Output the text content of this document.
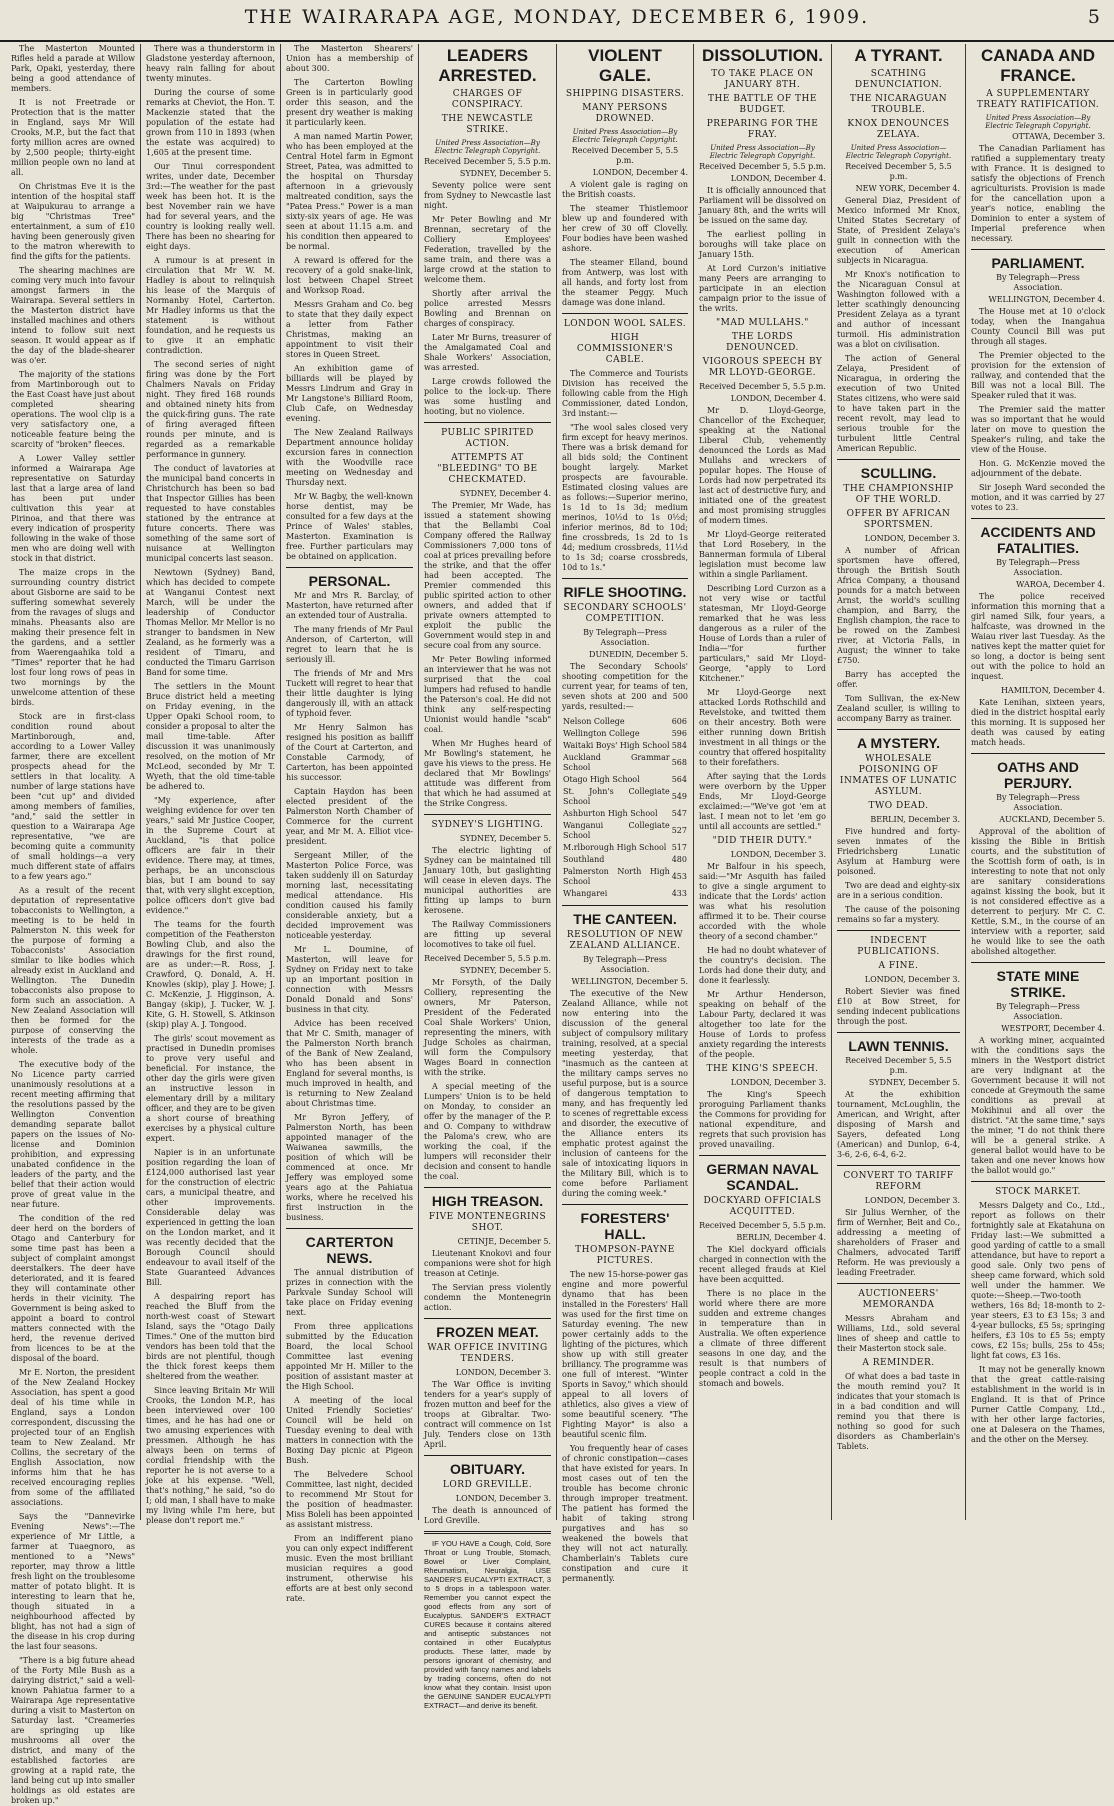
THE WAIRARAPA AGE, MONDAY, DECEMBER 6, 1909.	5

The Masterton Mounted Rifles held a parade at Willow Park, Opaki, yesterday, there being a good attendance of members.

It is not Freetrade or Protection that is the matter in England, says Mr Will Crooks, M.P., but the fact that forty million acres are owned by 2,500 people; thirty-eight million people own no land at all.

On Christmas Eve it is the intention of the hospital staff at Waipukurau to arrange a big "Christmas Tree" entertainment, a sum of £10 having been generously given to the matron wherewith to find the gifts for the patients.

The shearing machines are coming very much into favour amongst farmers in the Wairarapa. Several settlers in the Masterton district have installed machines and others intend to follow suit next season. It would appear as if the day of the blade-shearer was o'er.

The majority of the stations from Martinborough out to the East Coast have just about completed shearing operations. The wool clip is a very satisfactory one, a noticeable feature being the scarcity of "broken" fleeces.

A Lower Valley settler informed a Wairarapa Age representative on Saturday last that a large area of land has been put under cultivation this year at Pirinoa, and that there was every indication of prosperity following in the wake of those men who are doing well with stock in that district.

The maize crops in the surrounding country district about Gisborne are said to be suffering somewhat severely from the ravages of slugs and minahs. Pheasants also are making their presence felt in the gardens, and a settler from Waerengaahika told a "Times" reporter that he had lost four long rows of peas in two mornings by the unwelcome attention of these birds.

Stock are in first-class condition round about Martinborough, and, according to a Lower Valley farmer, there are excellent prospects ahead for the settlers in that locality. A number of large stations have been "cut up" and divided among members of families, "and," said the settler in question to a Wairarapa Age representative, "we are becoming quite a community of small holdings—a very much different state of affairs to a few years ago."

As a result of the recent deputation of representative tobacconists to Wellington, a meeting is to be held in Palmerston N. this week for the purpose of forming a Tobacconists' Association similar to like bodies which already exist in Auckland and Wellington. The Dunedin tobacconists also propose to form such an association. A New Zealand Association will then be formed for the purpose of conserving the interests of the trade as a whole.

The executive body of the No Licence party carried unanimously resolutions at a recent meeting affirming that the resolutions passed by the Wellington Convention demanding separate ballot papers on the issues of No-license and Dominion prohibition, and expressing unabated confidence in the leaders of the party, and the belief that their action would prove of great value in the near future.

The condition of the red deer herd on the borders of Otago and Canterbury for some time past has been a subject of complaint amongst deerstalkers. The deer have deteriorated, and it is feared they will contaminate other herds in their vicinity. The Government is being asked to appoint a board to control matters connected with the herd, the revenue derived from licences to be at the disposal of the board.

Mr E. Norton, the president of the New Zealand Hockey Association, has spent a good deal of his time while in England, says a London correspondent, discussing the projected tour of an English team to New Zealand. Mr Collins, the secretary of the English Association, now informs him that he has received encouraging replies from some of the affiliated associations.

Says the "Dannevirke Evening News":—The experience of Mr Little, a farmer at Tuaegnoro, as mentioned to a "News" reporter, may throw a little fresh light on the troublesome matter of potato blight. It is interesting to learn that he, though situated in a neighbourhood affected by blight, has not had a sign of the disease in his crop during the last four seasons.

"There is a big future ahead of the Forty Mile Bush as a dairying district," said a well-known Pahiatua farmer to a Wairarapa Age representative during a visit to Masterton on Saturday last. "Creameries are springing up like mushrooms all over the district, and many of the established factories are growing at a rapid rate, the land being cut up into smaller holdings as old estates are broken up."

There was a thunderstorm in Gladstone yesterday afternoon, heavy rain falling for about twenty minutes.

During the course of some remarks at Cheviot, the Hon. T. Mackenzie stated that the population of the estate had grown from 110 in 1893 (when the estate was acquired) to 1,605 at the present time.

Our Tinui correspondent writes, under date, December 3rd:—The weather for the past week has been hot. It is the best November rain we have had for several years, and the country is looking really well. There has been no shearing for eight days.

A rumour is at present in circulation that Mr W. M. Hadley is about to relinquish his lease of the Marquis of Normanby Hotel, Carterton. Mr Hadley informs us that the statement is without foundation, and he requests us to give it an emphatic contradiction.

The second series of night firing was done by the Fort Chalmers Navals on Friday night. They fired 168 rounds and obtained ninety hits from the quick-firing guns. The rate of firing averaged fifteen rounds per minute, and is regarded as a remarkable performance in gunnery.

The conduct of lavatories at the municipal band concerts in Christchurch has been so bad that Inspector Gillies has been requested to have constables stationed by the entrance at future concerts. There was something of the same sort of nuisance at Wellington municipal concerts last season.

Newtown (Sydney) Band, which has decided to compete at Wanganui Contest next March, will be under the leadership of Conductor Thomas Mellor. Mr Mellor is no stranger to bandsmen in New Zealand, as he formerly was a resident of Timaru, and conducted the Timaru Garrison Band for some time.

The settlers in the Mount Bruce district held a meeting on Friday evening, in the Upper Opaki School room, to consider a proposal to alter the mail time-table. After discussion it was unanimously resolved, on the motion of Mr McLeod, seconded by Mr T. Wyeth, that the old time-table be adhered to.

"My experience, after weighing evidence for over ten years," said Mr Justice Cooper, in the Supreme Court at Auckland, "is that police officers are fair in their evidence. There may, at times, perhaps, be an unconscious bias, but I am bound to say that, with very slight exception, police officers don't give bad evidence."

The teams for the fourth competition of the Featherston Bowling Club, and also the drawings for the first round, are as under:—R. Ross, J. Crawford, Q. Donald, A. H. Knowles (skip), play J. Howe; J. C. McKenzie, J. Higginson, A. Bangay (skip), J. Tucker, W. J. Kite, G. H. Stowell, S. Atkinson (skip) play A. J. Tongood.

The girls' scout movement as practised in Dunedin promises to prove very useful and beneficial. For instance, the other day the girls were given an instructive lesson in elementary drill by a military officer, and they are to be given a short course of breathing exercises by a physical culture expert.

Napier is in an unfortunate position regarding the loan of £124,000 authorised last year for the construction of electric cars, a municipal theatre, and other improvements. Considerable delay was experienced in getting the loan on the London market, and it was recently decided that the Borough Council should endeavour to avail itself of the State Guaranteed Advances Bill.

A despairing report has reached the Bluff from the north-west coast of Stewart Island, says the "Otago Daily Times." One of the mutton bird vendors has been told that the birds are not plentiful, though the thick forest keeps them sheltered from the weather.

Since leaving Britain Mr Will Crooks, the London M.P., has been interviewed over 100 times, and he has had one or two amusing experiences with pressmen. Although he has always been on terms of cordial friendship with the reporter he is not averse to a joke at his expense. "Well, that's nothing," he said, "so do I; old man, I shall have to make my living while I'm here, but please don't report me."

The Masterton Shearers' Union has a membership of about 300.

The Carterton Bowling Green is in particularly good order this season, and the present dry weather is making it particularly keen.

A man named Martin Power, who has been employed at the Central Hotel farm in Egmont Street, Patea, was admitted to the hospital on Thursday afternoon in a grievously maltreated condition, says the "Patea Press." Power is a man sixty-six years of age. He was seen at about 11.15 a.m. and his condition then appeared to be normal.

A reward is offered for the recovery of a gold snake-link, lost between Chapel Street and Worksop Road.

Messrs Graham and Co. beg to state that they daily expect a letter from Father Christmas, making an appointment to visit their stores in Queen Street.

An exhibition game of billiards will be played by Messrs Lindrum and Gray in Mr Langstone's Billiard Room, Club Cafe, on Wednesday evening.

The New Zealand Railways Department announce holiday excursion fares in connection with the Woodville race meeting on Wednesday and Thursday next.

Mr W. Bagby, the well-known horse dentist, may be consulted for a few days at the Prince of Wales' stables, Masterton. Examination is free. Further particulars may be obtained on application.

PERSONAL.

Mr and Mrs R. Barclay, of Masterton, have returned after an extended tour of Australia.

The many friends of Mr Paul Anderson, of Carterton, will regret to learn that he is seriously ill.

The friends of Mr and Mrs Tuckett will regret to hear that their little daughter is lying dangerously ill, with an attack of typhoid fever.

Mr Henry Salmon has resigned his position as bailiff of the Court at Carterton, and Constable Carmody, of Carterton, has been appointed his successor.

Captain Haydon has been elected president of the Palmerston North Chamber of Commerce for the current year, and Mr M. A. Elliot vice-president.

Sergeant Miller, of the Masterton Police Force, was taken suddenly ill on Saturday morning last, necessitating medical attendance. His condition caused his family considerable anxiety, but a decided improvement was noticeable yesterday.

Mr L. Doumine, of Masterton, will leave for Sydney on Friday next to take up an important position in connection with Messrs Donald Donald and Sons' business in that city.

Advice has been received that Mr C. Smith, manager of the Palmerston North branch of the Bank of New Zealand, who has been absent in England for several months, is much improved in health, and is returning to New Zealand about Christmas time.

Mr Byron Jeffery, of Palmerston North, has been appointed manager of the Waiwanea sawmills, the position of which will be commenced at once. Mr Jeffery was employed some years ago at the Pahiatua works, where he received his first instruction in the business.

CARTERTON NEWS.

The annual distribution of prizes in connection with the Parkvale Sunday School will take place on Friday evening next.

From three applications submitted by the Education Board, the local School Committee last evening appointed Mr H. Miller to the position of assistant master at the High School.

A meeting of the local United Friendly Societies' Council will be held on Tuesday evening to deal with matters in connection with the Boxing Day picnic at Pigeon Bush.

The Belvedere School Committee, last night, decided to recommend Mr Stout for the position of headmaster. Miss Boleli has been appointed as assistant mistress.

From an indifferent piano you can only expect indifferent music. Even the most brilliant musician requires a good instrument, otherwise his efforts are at best only second rate.

LEADERS ARRESTED.
CHARGES OF CONSPIRACY.
THE NEWCASTLE STRIKE.
United Press Association—By Electric Telegraph Copyright.
Received December 5, 5.5 p.m.

SYDNEY, December 5.

Seventy police were sent from Sydney to Newcastle last night.

Mr Peter Bowling and Mr Brennan, secretary of the Colliery Employees' Federation, travelled by the same train, and there was a large crowd at the station to welcome them.

Shortly after arrival the police arrested Messrs Bowling and Brennan on charges of conspiracy.

Later Mr Burns, treasurer of the Amalgamated Coal and Shale Workers' Association, was arrested.

Large crowds followed the police to the lock-up. There was some hustling and hooting, but no violence.

PUBLIC SPIRITED ACTION.
ATTEMPTS AT "BLEEDING" TO BE CHECKMATED.

SYDNEY, December 4.

The Premier, Mr Wade, has issued a statement showing that the Bellambi Coal Company offered the Railway Commissioners 7,000 tons of coal at prices prevailing before the strike, and that the offer had been accepted. The Premier commended this public spirited action to other owners, and added that if private owners attempted to exploit the public the Government would step in and secure coal from any source.

Mr Peter Bowling informed an interviewer that he was not surprised that the coal lumpers had refused to handle the Paterson's coal. He did not think any self-respecting Unionist would handle "scab" coal.

When Mr Hughes heard of Mr Bowling's statement, he gave his views to the press. He declared that Mr Bowlings' attitude was different from that which he had assumed at the Strike Congress.

SYDNEY'S LIGHTING.

SYDNEY, December 5.

The electric lighting of Sydney can be maintained till January 10th, but gaslighting will cease in eleven days. The municipal authorities are fitting up lamps to burn kerosene.

The Railway Commissioners are fitting up several locomotives to take oil fuel.

Received December 5, 5.5 p.m.

SYDNEY, December 5.

Mr Forsyth, of the Daily Colliery, representing the owners, Mr Paterson, President of the Federated Coal Shale Workers' Union, representing the miners, with Judge Scholes as chairman, will form the Compulsory Wages Board in connection with the strike.

A special meeting of the Lumpers' Union is to be held on Monday, to consider an offer by the manager of the P. and O. Company to withdraw the Paloma's crew, who are working the coal, if the lumpers will reconsider their decision and consent to handle the coal.

HIGH TREASON.
FIVE MONTENEGRINS SHOT.

CETINJE, December 5.

Lieutenant Knokovi and four companions were shot for high treason at Cetinje.

The Servian press violently condemn the Montenegrin action.

FROZEN MEAT.
WAR OFFICE INVITING TENDERS.

LONDON, December 3.

The War Office is inviting tenders for a year's supply of frozen mutton and beef for the troops at Gibraltar. Two-contract will commence on 1st July. Tenders close on 13th April.

OBITUARY.
LORD GREVILLE.

LONDON, December 3.

The death is announced of Lord Greville.

IF YOU HAVE a Cough, Cold, Sore Throat or Lung Trouble, Stomach, Bowel or Liver Complaint, Rheumatism, Neuralgia, USE SANDER'S EUCALYPTI EXTRACT, 3 to 5 drops in a tablespoon water. Remember you cannot expect the good effects from any sort of Eucalyptus. SANDER'S EXTRACT CURES because it contains altered and antiseptic substances not contained in other Eucalyptus products. These latter, made by persons ignorant of chemistry, and provided with fancy names and labels by trading concerns, often do not know what they contain. Insist upon the GENUINE SANDER EUCALYPTI EXTRACT—and derive its benefit.

VIOLENT GALE.
SHIPPING DISASTERS.
MANY PERSONS DROWNED.
United Press Association—By Electric Telegraph Copyright.
Received December 5, 5.5 p.m.

LONDON, December 4.

A violent gale is raging on the British coasts.

The steamer Thistlemoor blew up and foundered with her crew of 30 off Clovelly. Four bodies have been washed ashore.

The steamer Elland, bound from Antwerp, was lost with all hands, and forty lost from the steamer Peggy. Much damage was done inland.

LONDON WOOL SALES.
HIGH COMMISSIONER'S CABLE.

The Commerce and Tourists Division has received the following cable from the High Commissioner, dated London, 3rd instant:—

"The wool sales closed very firm except for heavy merinos. There was a brisk demand for all bids sold; the Continent bought largely. Market prospects are favourable. Estimated closing values are as follows:—Superior merino, 1s 1d to 1s 3d; medium merinos, 10½d to 1s 0½d; inferior merinos, 8d to 10d; fine crossbreds, 1s 2d to 1s 4d; medium crossbreds, 11½d to 1s 3d; coarse crossbreds, 10d to 1s."

RIFLE SHOOTING.
SECONDARY SCHOOLS' COMPETITION.
By Telegraph—Press Association.

DUNEDIN, December 5.

The Secondary Schools' shooting competition for the current year, for teams of ten, seven shots at 200 and 500 yards, resulted:—

Nelson College	606
Wellington College	596
Waitaki Boys' High School	584
Auckland Grammar School	568
Otago High School	564
St. John's Collegiate School	549
Ashburton High School	547
Wanganui Collegiate School	527
M.rlborough High School	517
Southland	480
Palmerston North High School	453
Whangarei	433
THE CANTEEN.
RESOLUTION OF NEW ZEALAND ALLIANCE.
By Telegraph—Press Association.

WELLINGTON, December 5.

The executive of the New Zealand Alliance, while not now entering into the discussion of the general subject of compulsory military training, resolved, at a special meeting yesterday, that "inasmuch as the canteen at the military camps serves no useful purpose, but is a source of dangerous temptation to many, and has frequently led to scenes of regrettable excess and disorder, the executive of the Alliance enters its emphatic protest against the inclusion of canteens for the sale of intoxicating liquors in the Military Bill, which is to come before Parliament during the coming week."

FORESTERS' HALL.
THOMPSON-PAYNE PICTURES.

The new 15-horse-power gas engine and more powerful dynamo that has been installed in the Foresters' Hall was used for the first time on Saturday evening. The new power certainly adds to the lighting of the pictures, which show up with still greater brilliancy. The programme was one full of interest. "Winter Sports in Savoy," which should appeal to all lovers of athletics, also gives a view of some beautiful scenery. "The Fighting Mayor" is also a beautiful scenic film.

You frequently hear of cases of chronic constipation—cases that have existed for years. In most cases out of ten the trouble has become chronic through improper treatment. The patient has formed the habit of taking strong purgatives and has so weakened the bowels that they will not act naturally. Chamberlain's Tablets cure constipation and cure it permanently.

DISSOLUTION.
TO TAKE PLACE ON JANUARY 8TH.
THE BATTLE OF THE BUDGET.
PREPARING FOR THE FRAY.
United Press Association—By Electric Telegraph Copyright.
Received December 5, 5.5 p.m.

LONDON, December 4.

It is officially announced that Parliament will be dissolved on January 8th, and the writs will be issued on the same day.

The earliest polling in boroughs will take place on January 15th.

At Lord Curzon's initiative many Peers are arranging to participate in an election campaign prior to the issue of the writs.

"MAD MULLAHS."
THE LORDS DENOUNCED.
VIGOROUS SPEECH BY MR LLOYD-GEORGE.
Received December 5, 5.5 p.m.

LONDON, December 4.

Mr D. Lloyd-George, Chancellor of the Exchequer, speaking at the National Liberal Club, vehemently denounced the Lords as Mad Mullahs and wreckers of popular hopes. The House of Lords had now perpetrated its last act of destructive fury, and initiated one of the greatest and most promising struggles of modern times.

Mr Lloyd-George reiterated that Lord Rosebery, in the Bannerman formula of Liberal legislation must become law within a single Parliament.

Describing Lord Curzon as a not very wise or tactful statesman, Mr Lloyd-George remarked that he was less dangerous as a ruler of the House of Lords than a ruler of India—"for further particulars," said Mr Lloyd-George, "apply to Lord Kitchener."

Mr Lloyd-George next attacked Lords Rothschild and Revelstoke, and twitted them on their ancestry. Both were either running down British investment in all things or the country that offered hospitality to their forefathers.

After saying that the Lords were overborn by the Upper Ends, Mr Lloyd-George exclaimed:—"We've got 'em at last. I mean not to let 'em go until all accounts are settled."

"DID THEIR DUTY."

LONDON, December 3.

Mr Balfour in his speech, said:—"Mr Asquith has failed to give a single argument to indicate that the Lords' action was what his resolution affirmed it to be. Their course accorded with the whole theory of a second chamber."

He had no doubt whatever of the country's decision. The Lords had done their duty, and done it fearlessly.

Mr Arthur Henderson, speaking on behalf of the Labour Party, declared it was altogether too late for the House of Lords to profess anxiety regarding the interests of the people.

THE KING'S SPEECH.

LONDON, December 3.

The King's Speech proroguing Parliament thanks the Commons for providing for national expenditure, and regrets that such provision has proved unavailing.

GERMAN NAVAL SCANDAL.
DOCKYARD OFFICIALS ACQUITTED.
Received December 5, 5.5 p.m.

BERLIN, December 4.

The Kiel dockyard officials charged in connection with the recent alleged frauds at Kiel have been acquitted.

There is no place in the world where there are more sudden and extreme changes in temperature than in Australia. We often experience a climate of three different seasons in one day, and the result is that numbers of people contract a cold in the stomach and bowels.

A TYRANT.
SCATHING DENUNCIATION.
THE NICARAGUAN TROUBLE.
KNOX DENOUNCES ZELAYA.
United Press Association—Electric Telegraph Copyright.
Received December 5, 5.5 p.m.

NEW YORK, December 4.

General Diaz, President of Mexico informed Mr Knox, United States Secretary of State, of President Zelaya's guilt in connection with the execution of American subjects in Nicaragua.

Mr Knox's notification to the Nicaraguan Consul at Washington followed with a letter scathingly denouncing President Zelaya as a tyrant and author of incessant turmoil. His administration was a blot on civilisation.

The action of General Zelaya, President of Nicaragua, in ordering the execution of two United States citizens, who were said to have taken part in the recent revolt, may lead to serious trouble for the turbulent little Central American Republic.

SCULLING.
THE CHAMPIONSHIP OF THE WORLD.
OFFER BY AFRICAN SPORTSMEN.

LONDON, December 3.

A number of African sportsmen have offered, through the British South Africa Company, a thousand pounds for a match between Arnst, the world's sculling champion, and Barry, the English champion, the race to be rowed on the Zambesi river, at Victoria Falls, in August; the winner to take £750.

Barry has accepted the offer.

Tom Sullivan, the ex-New Zealand sculler, is willing to accompany Barry as trainer.

A MYSTERY.
WHOLESALE POISONING OF INMATES OF LUNATIC ASYLUM.
TWO DEAD.

BERLIN, December 3.

Five hundred and forty-seven inmates of the Friedrichsberg Lunatic Asylum at Hamburg were poisoned.

Two are dead and eighty-six are in a serious condition.

The cause of the poisoning remains so far a mystery.

INDECENT PUBLICATIONS.
A FINE.

LONDON, December 3.

Robert Sievier was fined £10 at Bow Street, for sending indecent publications through the post.

LAWN TENNIS.
Received December 5, 5.5 p.m.

SYDNEY, December 5.

At the exhibition tournament, McLoughlin, the American, and Wright, after disposing of Marsh and Sayers, defeated Long (American) and Dunlop, 6-4, 3-6, 2-6, 6-4, 6-2.

CONVERT TO TARIFF REFORM

LONDON, December 3.

Sir Julius Wernher, of the firm of Wernher, Beit and Co., addressing a meeting of shareholders of Fraser and Chalmers, advocated Tariff Reform. He was previously a leading Freetrader.

AUCTIONEERS' MEMORANDA

Messrs Abraham and Williams, Ltd., sold several lines of sheep and cattle to their Masterton stock sale.

A REMINDER.

Of what does a bad taste in the mouth remind you? It indicates that your stomach is in a bad condition and will remind you that there is nothing so good for such disorders as Chamberlain's Tablets.

CANADA AND FRANCE.
A SUPPLEMENTARY TREATY RATIFICATION.
United Press Association—By Electric Telegraph Copyright.

OTTAWA, December 3.

The Canadian Parliament has ratified a supplementary treaty with France. It is designed to satisfy the objections of French agriculturists. Provision is made for the cancellation upon a year's notice, enabling the Dominion to enter a system of Imperial preference when necessary.

PARLIAMENT.
By Telegraph—Press Association.

WELLINGTON, December 4.

The House met at 10 o'clock today, when the Inangahua County Council Bill was put through all stages.

The Premier objected to the provision for the extension of railway, and contended that the Bill was not a local Bill. The Speaker ruled that it was.

The Premier said the matter was so important that he would later on move to question the Speaker's ruling, and take the view of the House.

Hon. G. McKenzie moved the adjournment of the debate.

Sir Joseph Ward seconded the motion, and it was carried by 27 votes to 23.

ACCIDENTS AND FATALITIES.
By Telegraph—Press Association.

WAROA, December 4.

The police received information this morning that a girl named Silk, four years, a halfcaste, was drowned in the Waiau river last Tuesday. As the natives kept the matter quiet for so long, a doctor is being sent out with the police to hold an inquest.

HAMILTON, December 4.

Kate Lenihan, sixteen years, died in the district hospital early this morning. It is supposed her death was caused by eating match heads.

OATHS AND PERJURY.
By Telegraph—Press Association.

AUCKLAND, December 5.

Approval of the abolition of kissing the Bible in British courts, and the substitution of the Scottish form of oath, is in interesting to note that not only are sanitary considerations against kissing the book, but it is not considered effective as a deterrent to perjury. Mr C. C. Kettle, S.M., in the course of an interview with a reporter, said he would like to see the oath abolished altogether.

STATE MINE STRIKE.
By Telegraph—Press Association.

WESTPORT, December 4.

A working miner, acquainted with the conditions says the miners in the Westport district are very indignant at the Government because it will not concede at Greymouth the same conditions as prevail at Mokihinui and all over the district. "At the same time," says the miner, "I do not think there will be a general strike. A general ballot would have to be taken and one never knows how the ballot would go."

STOCK MARKET.

Messrs Dalgety and Co., Ltd., report as follows on their fortnightly sale at Ekatahuna on Friday last:—We submitted a good yarding of cattle to a small attendance, but have to report a good sale. Only two pens of sheep came forward, which sold well under the hammer. We quote:—Sheep.—Two-tooth wethers, 16s 8d; 18-month to 2-year steers, £3 to £3 15s; 3 and 4-year bullocks, £5 5s; springing heifers, £3 10s to £5 5s; empty cows, £2 15s; bulls, 25s to 45s; light fat cows, £3 16s.

It may not be generally known that the great cattle-raising establishment in the world is in England. It is that of Prince Purner Cattle Company, Ltd., with her other large factories, one at Dalesera on the Thames, and the other on the Mersey.
